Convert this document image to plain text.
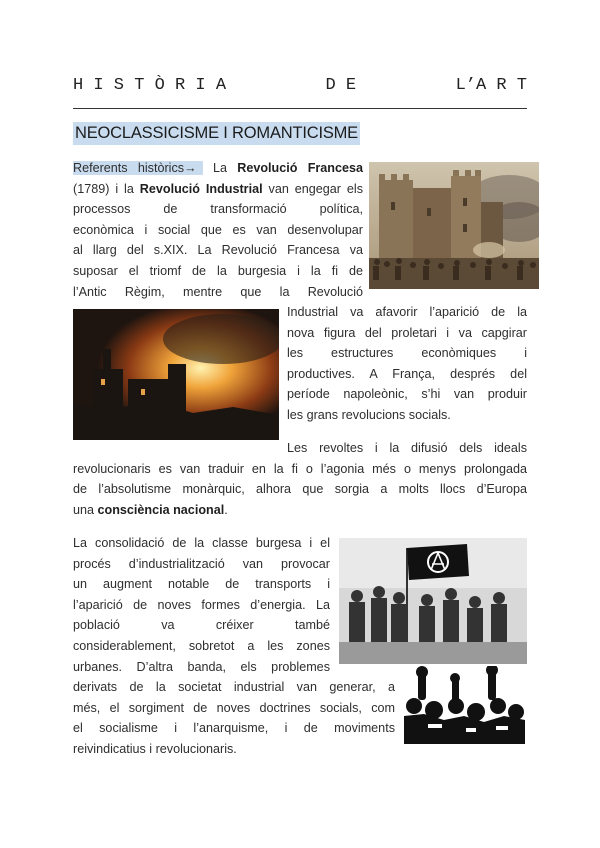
H I S T Ò R I A	D E	L’A R T
NEOCLASSICISME I ROMANTICISME
Referents històrics→ La Revolució Francesa
(1789) i la Revolució Industrial van engegar els
processos de transformació política,
econòmica i social que es van desenvolupar
al llarg del s.XIX. La Revolució Francesa va
suposar el triomf de la burgesia i la fi de
l’Antic Règim, mentre que la Revolució
Industrial va afavorir l’aparició de la
nova figura del proletari i va capgirar
les estructures econòmiques i
productives. A França, després del
període napoleònic, s’hi van produir
les grans revolucions socials.
Les revoltes i la difusió dels ideals
revolucionaris es van traduir en la fi o l’agonia més o menys prolongada
de l’absolutisme monàrquic, alhora que sorgia a molts llocs d’Europa
una consciència nacional.
La consolidació de la classe burgesa i el
procés d’industrialització van provocar
un augment notable de transports i
l’aparició de noves formes d’energia. La
població va créixer també
considerablement, sobretot a les zones
urbanes. D’altra banda, els problemes
derivats de la societat industrial van generar, a
més, el sorgiment de noves doctrines socials, com
el socialisme i l’anarquisme, i de moviments
reivindicatius i revolucionaris.
